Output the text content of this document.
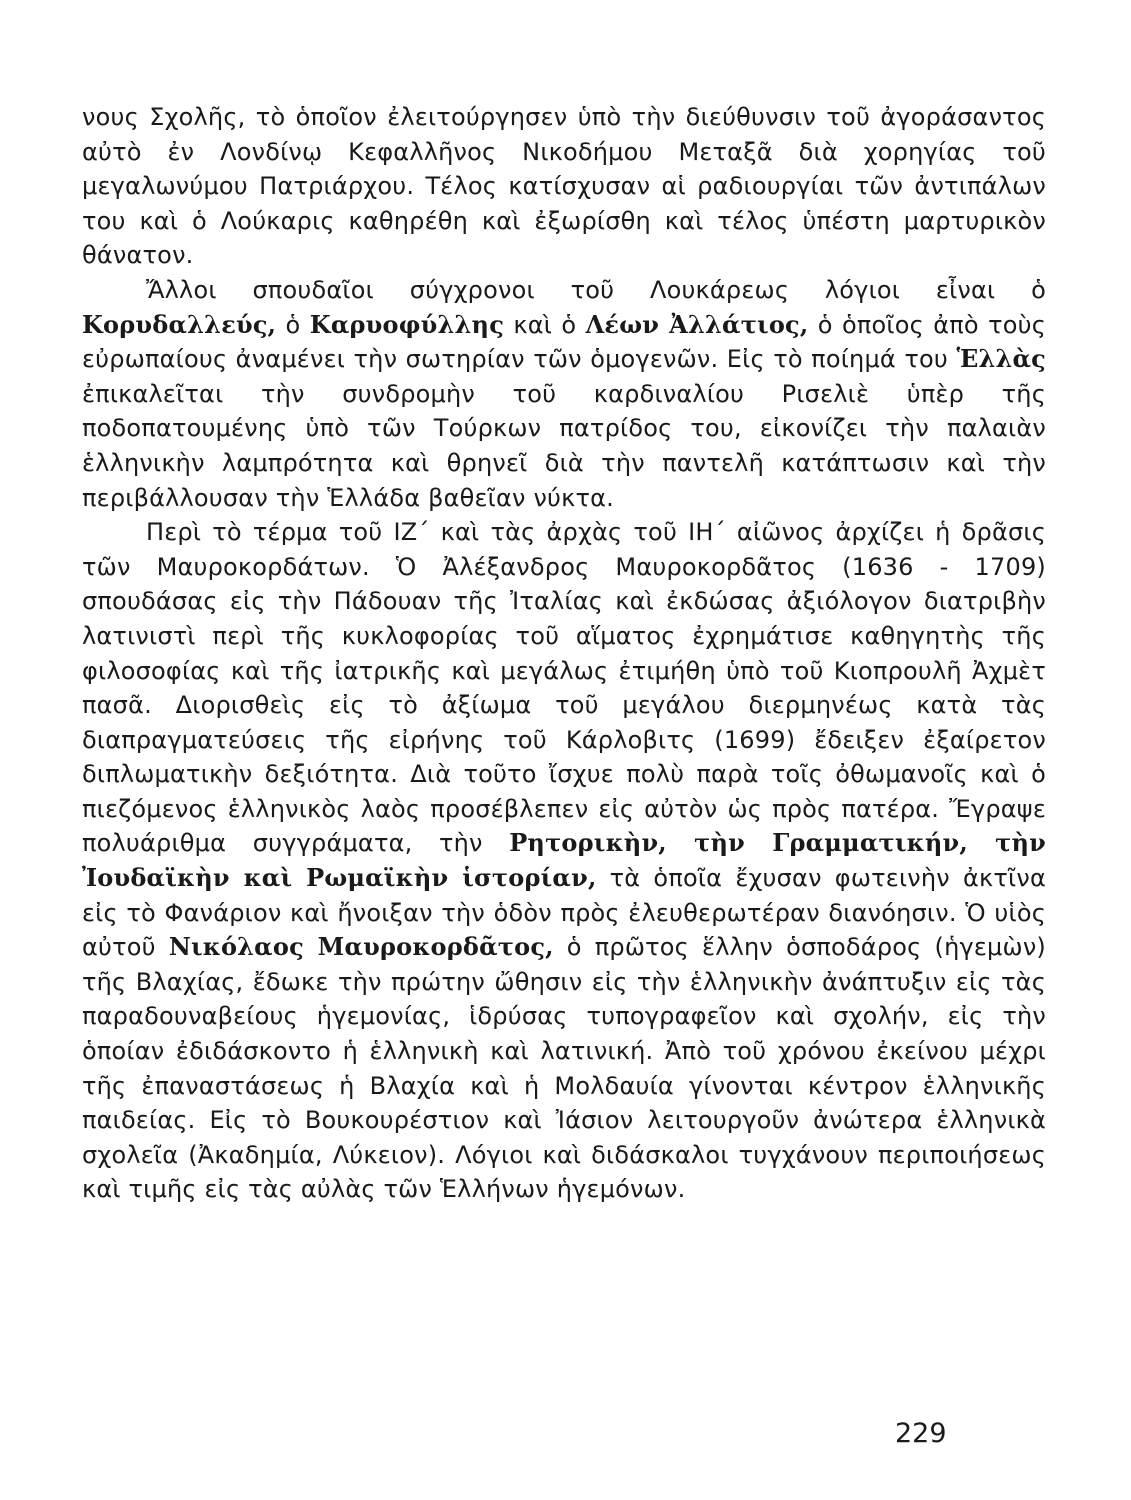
νους Σχολῆς, τὸ ὁποῖον ἐλειτούργησεν ὑπὸ τὴν διεύθυνσιν τοῦ ἀγοράσαντος αὐτὸ ἐν Λονδίνῳ Κεφαλλῆνος Νικοδήμου Μεταξᾶ διὰ χορηγίας τοῦ μεγαλωνύμου Πατριάρχου. Τέλος κατίσχυσαν αἱ ραδιουργίαι τῶν ἀντιπάλων του καὶ ὁ Λούκαρις καθηρέθη καὶ ἐξωρίσθη καὶ τέλος ὑπέστη μαρτυρικὸν θάνατον.

Ἄλλοι σπουδαῖοι σύγχρονοι τοῦ Λουκάρεως λόγιοι εἶναι ὁ Κορυδαλλεύς, ὁ Καρυοφύλλης καὶ ὁ Λέων Ἀλλάτιος, ὁ ὁποῖος ἀπὸ τοὺς εὐρωπαίους ἀναμένει τὴν σωτηρίαν τῶν ὁμογενῶν. Εἰς τὸ ποίημά του Ἑλλὰς ἐπικαλεῖται τὴν συνδρομὴν τοῦ καρδιναλίου Ρισελιὲ ὑπὲρ τῆς ποδοπατουμένης ὑπὸ τῶν Τούρκων πατρίδος του, εἰκονίζει τὴν παλαιὰν ἑλληνικὴν λαμπρότητα καὶ θρηνεῖ διὰ τὴν παντελῆ κατάπτωσιν καὶ τὴν περιβάλλουσαν τὴν Ἑλλάδα βαθεῖαν νύκτα.

Περὶ τὸ τέρμα τοῦ ΙΖ΄ καὶ τὰς ἀρχὰς τοῦ ΙΗ΄ αἰῶνος ἀρχίζει ἡ δρᾶσις τῶν Μαυροκορδάτων. Ὁ Ἀλέξανδρος Μαυροκορδᾶτος (1636 - 1709) σπουδάσας εἰς τὴν Πάδουαν τῆς Ἰταλίας καὶ ἐκδώσας ἀξιόλογον διατριβὴν λατινιστὶ περὶ τῆς κυκλοφορίας τοῦ αἵματος ἐχρημάτισε καθηγητὴς τῆς φιλοσοφίας καὶ τῆς ἰατρικῆς καὶ μεγάλως ἐτιμήθη ὑπὸ τοῦ Κιοπρουλῆ Ἀχμὲτ πασᾶ. Διορισθεὶς εἰς τὸ ἀξίωμα τοῦ μεγάλου διερμηνέως κατὰ τὰς διαπραγματεύσεις τῆς εἰρήνης τοῦ Κάρλοβιτς (1699) ἔδειξεν ἐξαίρετον διπλωματικὴν δεξιότητα. Διὰ τοῦτο ἴσχυε πολὺ παρὰ τοῖς ὀθωμανοῖς καὶ ὁ πιεζόμενος ἑλληνικὸς λαὸς προσέβλεπεν εἰς αὐτὸν ὡς πρὸς πατέρα. Ἔγραψε πολυάριθμα συγγράματα, τὴν Ρητορικὴν, τὴν Γραμματικήν, τὴν Ἰουδαϊκὴν καὶ Ρωμαϊκὴν ἱστορίαν, τὰ ὁποῖα ἔχυσαν φωτεινὴν ἀκτῖνα εἰς τὸ Φανάριον καὶ ἤνοιξαν τὴν ὁδὸν πρὸς ἐλευθερωτέραν διανόησιν. Ὁ υἱὸς αὐτοῦ Νικόλαος Μαυροκορδᾶτος, ὁ πρῶτος ἕλλην ὁσποδάρος (ἡγεμὼν) τῆς Βλαχίας, ἔδωκε τὴν πρώτην ὤθησιν εἰς τὴν ἑλληνικὴν ἀνάπτυξιν εἰς τὰς παραδουναβείους ἡγεμονίας, ἱδρύσας τυπογραφεῖον καὶ σχολήν, εἰς τὴν ὁποίαν ἐδιδάσκοντο ἡ ἑλληνικὴ καὶ λατινική. Ἀπὸ τοῦ χρόνου ἐκείνου μέχρι τῆς ἐπαναστάσεως ἡ Βλαχία καὶ ἡ Μολδαυία γίνονται κέντρον ἑλληνικῆς παιδείας. Εἰς τὸ Βουκουρέστιον καὶ Ἰάσιον λειτουργοῦν ἀνώτερα ἑλληνικὰ σχολεῖα (Ἀκαδημία, Λύκειον). Λόγιοι καὶ διδάσκαλοι τυγχάνουν περιποιήσεως καὶ τιμῆς εἰς τὰς αὐλὰς τῶν Ἑλλήνων ἡγεμόνων.

229
